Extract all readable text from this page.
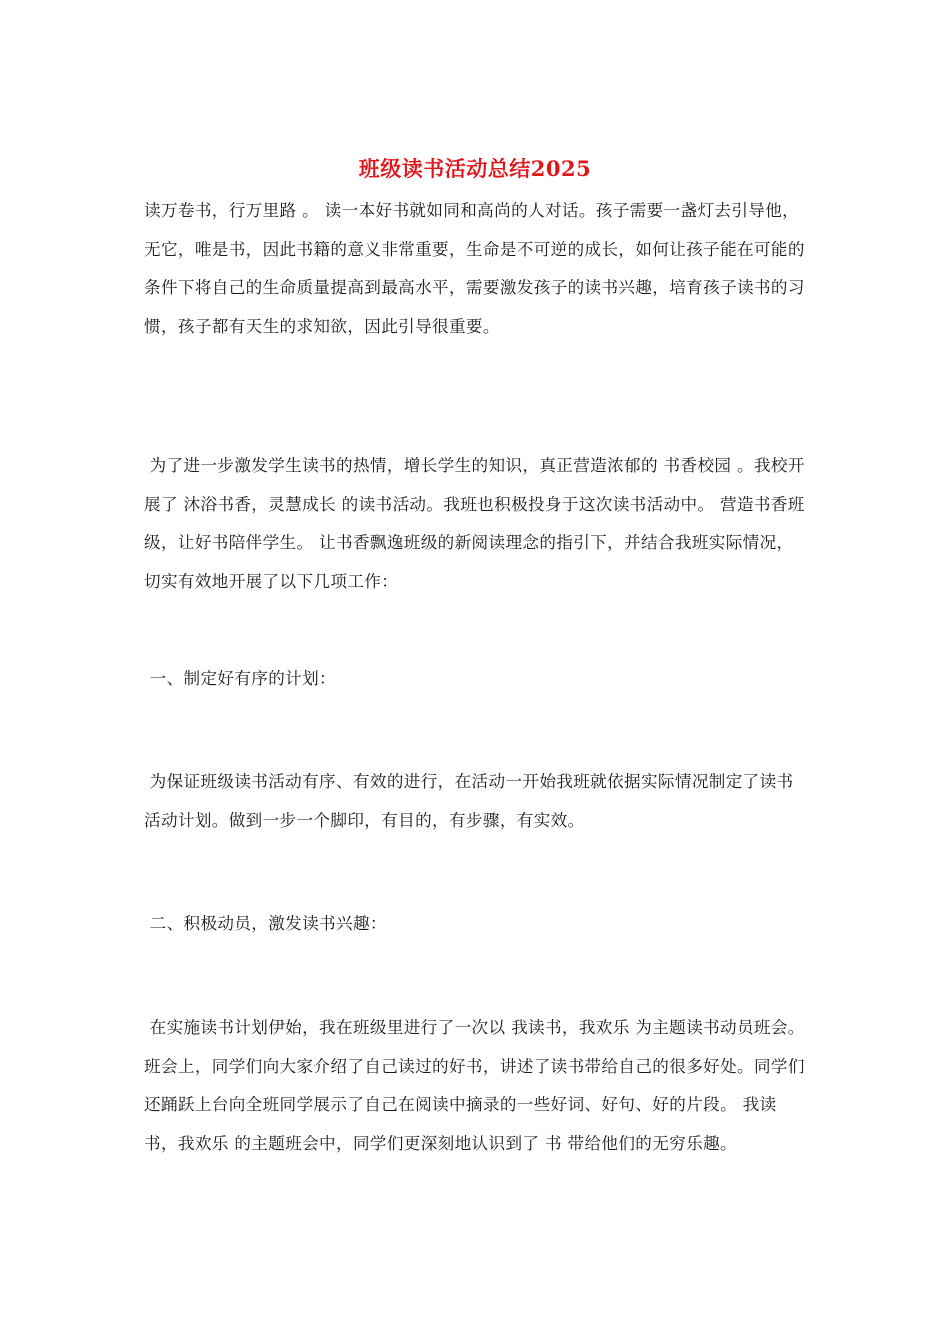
班级读书活动总结2025

读万卷书，行万里路 。 读一本好书就如同和高尚的人对话。孩子需要一盏灯去引导他，无它，唯是书，因此书籍的意义非常重要，生命是不可逆的成长，如何让孩子能在可能的条件下将自己的生命质量提高到最高水平，需要激发孩子的读书兴趣，培育孩子读书的习惯，孩子都有天生的求知欲，因此引导很重要。

为了进一步激发学生读书的热情，增长学生的知识，真正营造浓郁的 书香校园 。我校开展了 沐浴书香，灵慧成长 的读书活动。我班也积极投身于这次读书活动中。 营造书香班级，让好书陪伴学生。 让书香飘逸班级的新阅读理念的指引下，并结合我班实际情况，切实有效地开展了以下几项工作：

一、制定好有序的计划：

为保证班级读书活动有序、有效的进行，在活动一开始我班就依据实际情况制定了读书活动计划。做到一步一个脚印，有目的，有步骤，有实效。

二、积极动员，激发读书兴趣：

在实施读书计划伊始，我在班级里进行了一次以 我读书，我欢乐 为主题读书动员班会。班会上，同学们向大家介绍了自己读过的好书，讲述了读书带给自己的很多好处。同学们还踊跃上台向全班同学展示了自己在阅读中摘录的一些好词、好句、好的片段。 我读书，我欢乐 的主题班会中，同学们更深刻地认识到了 书 带给他们的无穷乐趣。
